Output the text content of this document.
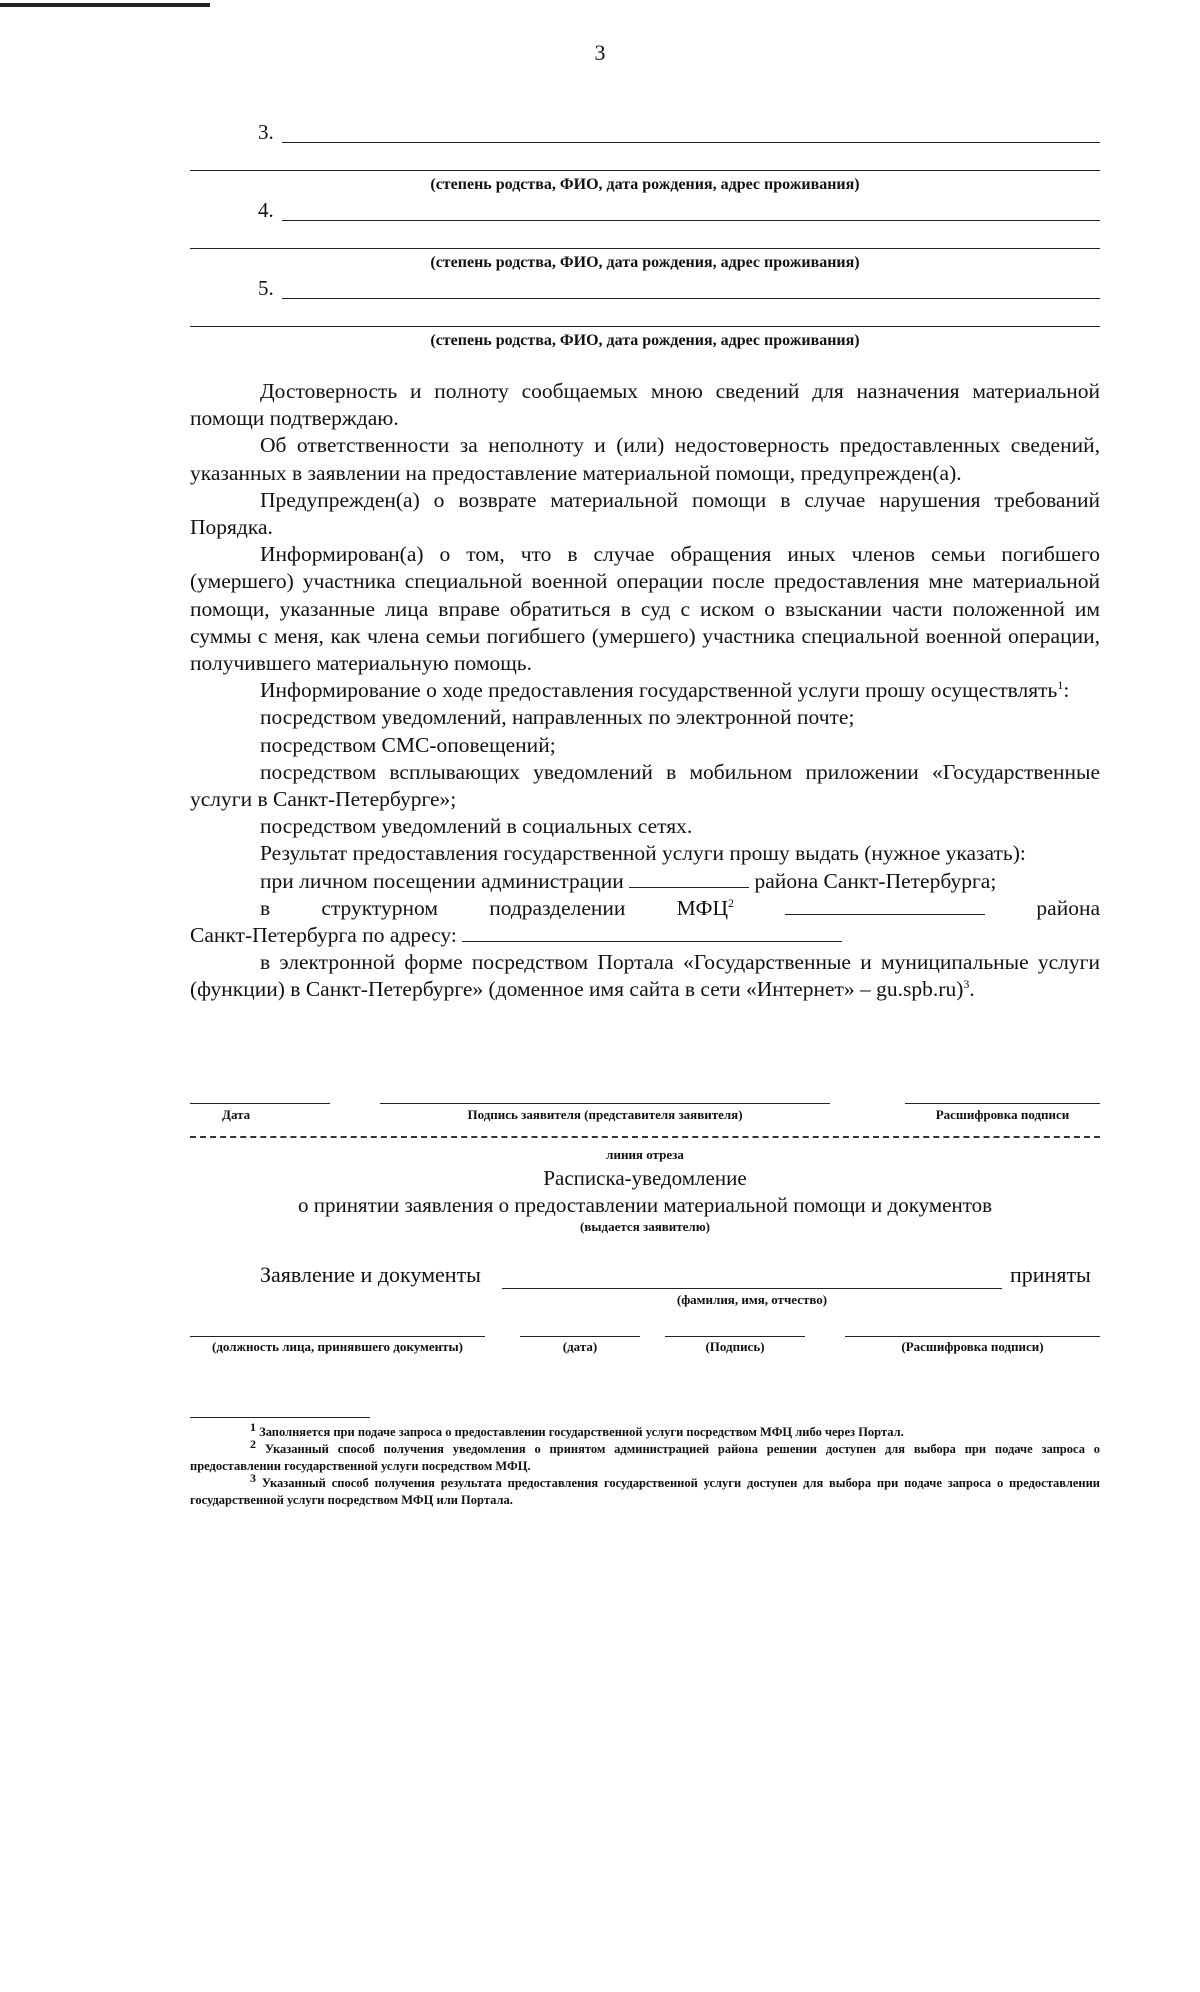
3
3.
(степень родства, ФИО, дата рождения, адрес проживания)
4.
(степень родства, ФИО, дата рождения, адрес проживания)
5.
(степень родства, ФИО, дата рождения, адрес проживания)

Достоверность и полноту сообщаемых мною сведений для назначения материальной помощи подтверждаю.

Об ответственности за неполноту и (или) недостоверность предоставленных сведений, указанных в заявлении на предоставление материальной помощи, предупрежден(а).

Предупрежден(а) о возврате материальной помощи в случае нарушения требований Порядка.

Информирован(а) о том, что в случае обращения иных членов семьи погибшего (умершего) участника специальной военной операции после предоставления мне материальной помощи, указанные лица вправе обратиться в суд с иском о взыскании части положенной им суммы с меня, как члена семьи погибшего (умершего) участника специальной военной операции, получившего материальную помощь.

Информирование о ходе предоставления государственной услуги прошу осуществлять$^1$:

посредством уведомлений, направленных по электронной почте;

посредством СМС-оповещений;

посредством всплывающих уведомлений в мобильном приложении «Государственные услуги в Санкт-Петербурге»;

посредством уведомлений в социальных сетях.

Результат предоставления государственной услуги прошу выдать (нужное указать):

при личном посещении администрации	района Санкт-Петербурга;

в структурном подразделении МФЦ$^2$	района

Санкт-Петербурга по адресу:

в электронной форме посредством Портала «Государственные и муниципальные услуги (функции) в Санкт-Петербурге» (доменное имя сайта в сети «Интернет» – gu.spb.ru)$^3$.

Дата	Подпись заявителя (представителя заявителя)	Расшифровка подписи
линия отреза
Расписка-уведомление
о принятии заявления о предоставлении материальной помощи и документов
(выдается заявителю)
Заявление и документы	приняты
(фамилия, имя, отчество)
(должность лица, принявшего документы)	(дата)	(Подпись)	(Расшифровка подписи)

$^1$ Заполняется при подаче запроса о предоставлении государственной услуги посредством МФЦ либо через Портал.

$^2$ Указанный способ получения уведомления о принятом администрацией района решении доступен для выбора при подаче запроса о предоставлении государственной услуги посредством МФЦ.

$^3$ Указанный способ получения результата предоставления государственной услуги доступен для выбора при подаче запроса о предоставлении государственной услуги посредством МФЦ или Портала.
